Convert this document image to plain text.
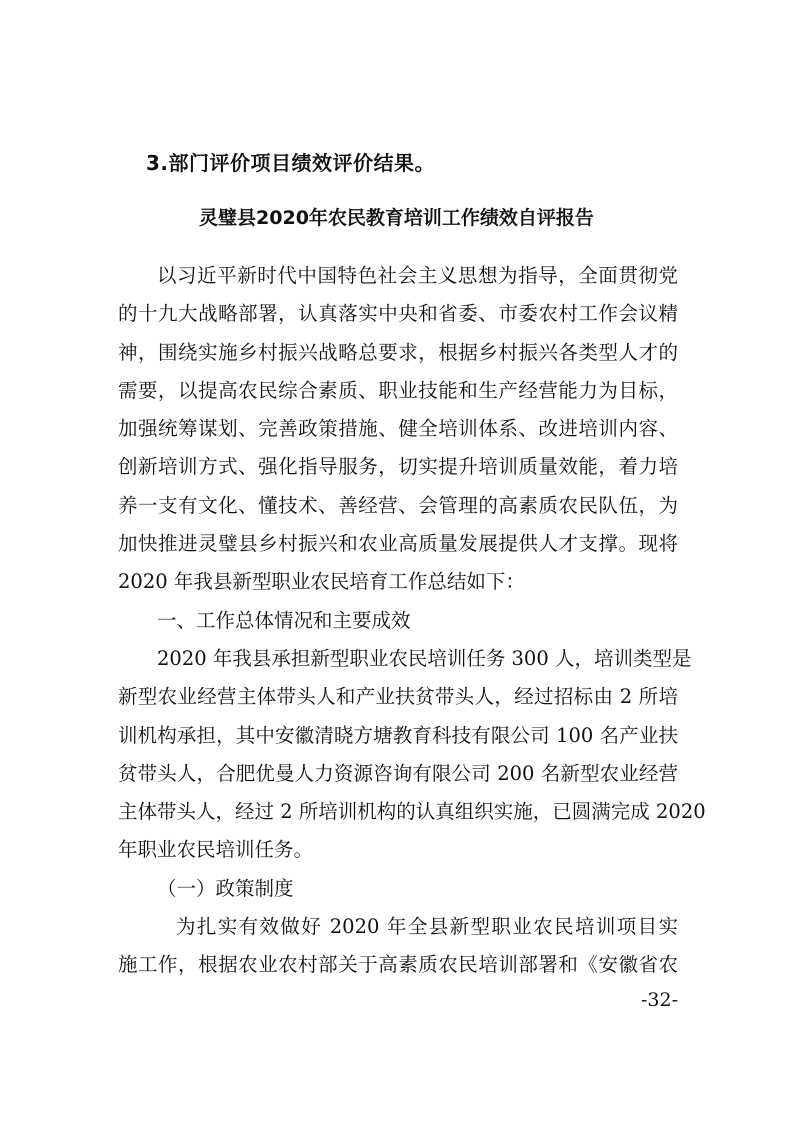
3.部门评价项目绩效评价结果。
灵璧县2020年农民教育培训工作绩效自评报告
以习近平新时代中国特色社会主义思想为指导，全面贯彻党
的十九大战略部署，认真落实中央和省委、市委农村工作会议精
神，围绕实施乡村振兴战略总要求，根据乡村振兴各类型人才的
需要，以提高农民综合素质、职业技能和生产经营能力为目标，
加强统筹谋划、完善政策措施、健全培训体系、改进培训内容、
创新培训方式、强化指导服务，切实提升培训质量效能，着力培
养一支有文化、懂技术、善经营、会管理的高素质农民队伍，为
加快推进灵璧县乡村振兴和农业高质量发展提供人才支撑。现将
2020 年我县新型职业农民培育工作总结如下：
一、工作总体情况和主要成效
2020 年我县承担新型职业农民培训任务 300 人，培训类型是
新型农业经营主体带头人和产业扶贫带头人，经过招标由 2 所培
训机构承担，其中安徽清晓方塘教育科技有限公司 100 名产业扶
贫带头人，合肥优曼人力资源咨询有限公司 200 名新型农业经营
主体带头人，经过 2 所培训机构的认真组织实施，已圆满完成 2020
年职业农民培训任务。
（一）政策制度
为扎实有效做好 2020 年全县新型职业农民培训项目实
施工作，根据农业农村部关于高素质农民培训部署和《安徽省农
-32-
